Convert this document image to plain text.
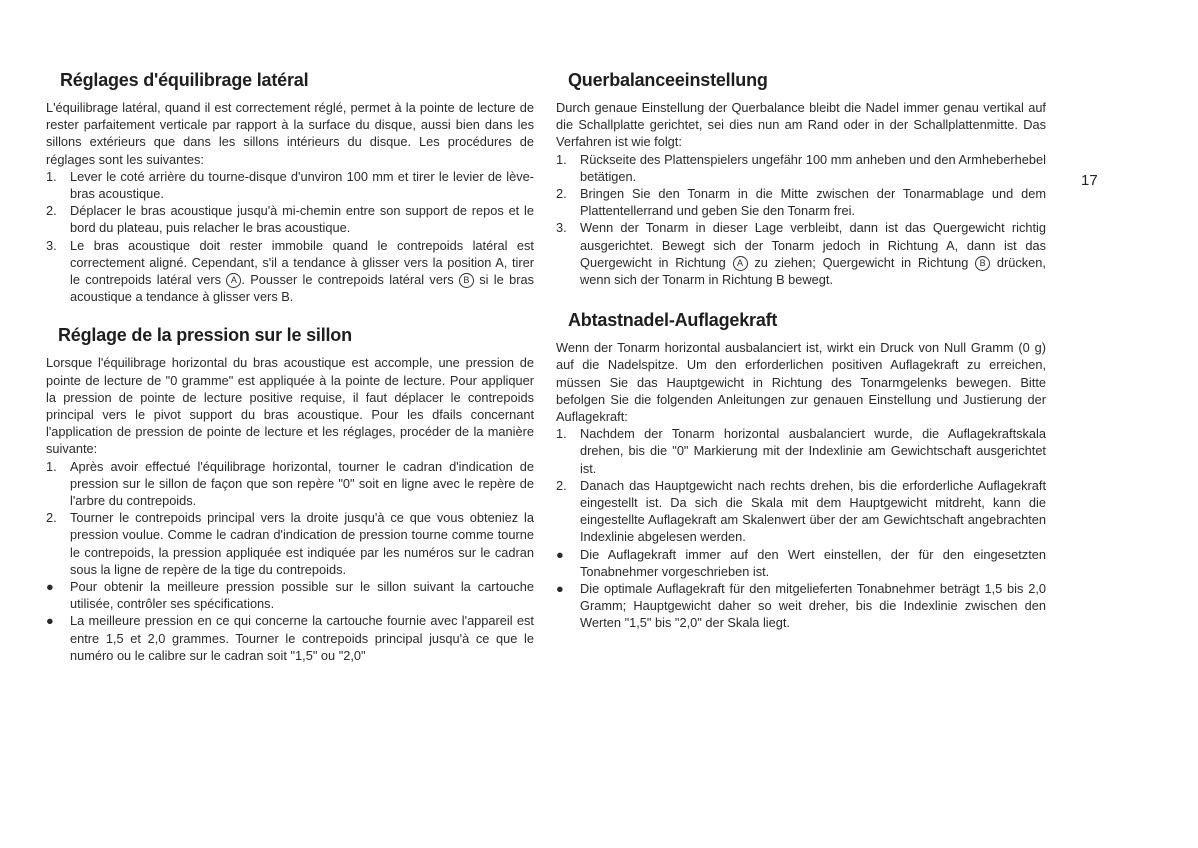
Réglages d'équilibrage latéral

L'équilibrage latéral, quand il est correctement réglé, permet à la pointe de lecture de rester parfaitement verticale par rapport à la surface du disque, aussi bien dans les sillons extérieurs que dans les sillons intérieurs du disque. Les procédures de réglages sont les suivantes:

1.	Lever le coté arrière du tourne-disque d'unviron 100 mm et tirer le levier de lève-bras acoustique.
2.	Déplacer le bras acoustique jusqu'à mi-chemin entre son support de repos et le bord du plateau, puis relacher le bras acoustique.
3.	Le bras acoustique doit rester immobile quand le contrepoids latéral est correctement aligné. Cependant, s'il a tendance à glisser vers la position A, tirer le contrepoids latéral vers A . Pousser le contrepoids latéral vers B si le bras acoustique a tendance à glisser vers B.
Réglage de la pression sur le sillon

Lorsque l'équilibrage horizontal du bras acoustique est accomple, une pression de pointe de lecture de "0 gramme" est appliquée à la pointe de lecture. Pour appliquer la pression de pointe de lecture positive requise, il faut déplacer le contrepoids principal vers le pivot support du bras acoustique. Pour les dfails concernant l'application de pression de pointe de lecture et les réglages, procéder de la manière suivante:

1.	Après avoir effectué l'équilibrage horizontal, tourner le cadran d'indication de pression sur le sillon de façon que son repère "0" soit en ligne avec le repère de l'arbre du contrepoids.
2.	Tourner le contrepoids principal vers la droite jusqu'à ce que vous obteniez la pression voulue. Comme le cadran d'indication de pression tourne comme tourne le contrepoids, la pression appliquée est indiquée par les numéros sur le cadran sous la ligne de repère de la tige du contrepoids.
●	Pour obtenir la meilleure pression possible sur le sillon suivant la cartouche utilisée, contrôler ses spécifications.
●	La meilleure pression en ce qui concerne la cartouche fournie avec l'appareil est entre 1,5 et 2,0 grammes. Tourner le contrepoids principal jusqu'à ce que le numéro ou le calibre sur le cadran soit "1,5" ou "2,0"
Querbalanceeinstellung

Durch genaue Einstellung der Querbalance bleibt die Nadel immer genau vertikal auf die Schallplatte gerichtet, sei dies nun am Rand oder in der Schallplattenmitte. Das Verfahren ist wie folgt:

1.	Rückseite des Plattenspielers ungefähr 100 mm anheben und den Armheberhebel betätigen.
2.	Bringen Sie den Tonarm in die Mitte zwischen der Tonarmablage und dem Plattentellerrand und geben Sie den Tonarm frei.
3.	Wenn der Tonarm in dieser Lage verbleibt, dann ist das Quergewicht richtig ausgerichtet. Bewegt sich der Tonarm jedoch in Richtung A, dann ist das Quergewicht in Richtung A zu ziehen; Quergewicht in Richtung B drücken, wenn sich der Tonarm in Richtung B bewegt.
Abtastnadel-Auflagekraft

Wenn der Tonarm horizontal ausbalanciert ist, wirkt ein Druck von Null Gramm (0 g) auf die Nadelspitze. Um den erforderlichen positiven Auflagekraft zu erreichen, müssen Sie das Hauptgewicht in Richtung des Tonarmgelenks bewegen. Bitte befolgen Sie die folgenden Anleitungen zur genauen Einstellung und Justierung der Auflagekraft:

1.	Nachdem der Tonarm horizontal ausbalanciert wurde, die Auflagekraftskala drehen, bis die "0" Markierung mit der Indexlinie am Gewichtschaft ausgerichtet ist.
2.	Danach das Hauptgewicht nach rechts drehen, bis die erforderliche Auflagekraft eingestellt ist. Da sich die Skala mit dem Hauptgewicht mitdreht, kann die eingestellte Auflagekraft am Skalenwert über der am Gewichtschaft angebrachten Indexlinie abgelesen werden.
●	Die Auflagekraft immer auf den Wert einstellen, der für den eingesetzten Tonabnehmer vorgeschrieben ist.
●	Die optimale Auflagekraft für den mitgelieferten Tonabnehmer beträgt 1,5 bis 2,0 Gramm; Hauptgewicht daher so weit dreher, bis die Indexlinie zwischen den Werten "1,5" bis "2,0" der Skala liegt.
17
